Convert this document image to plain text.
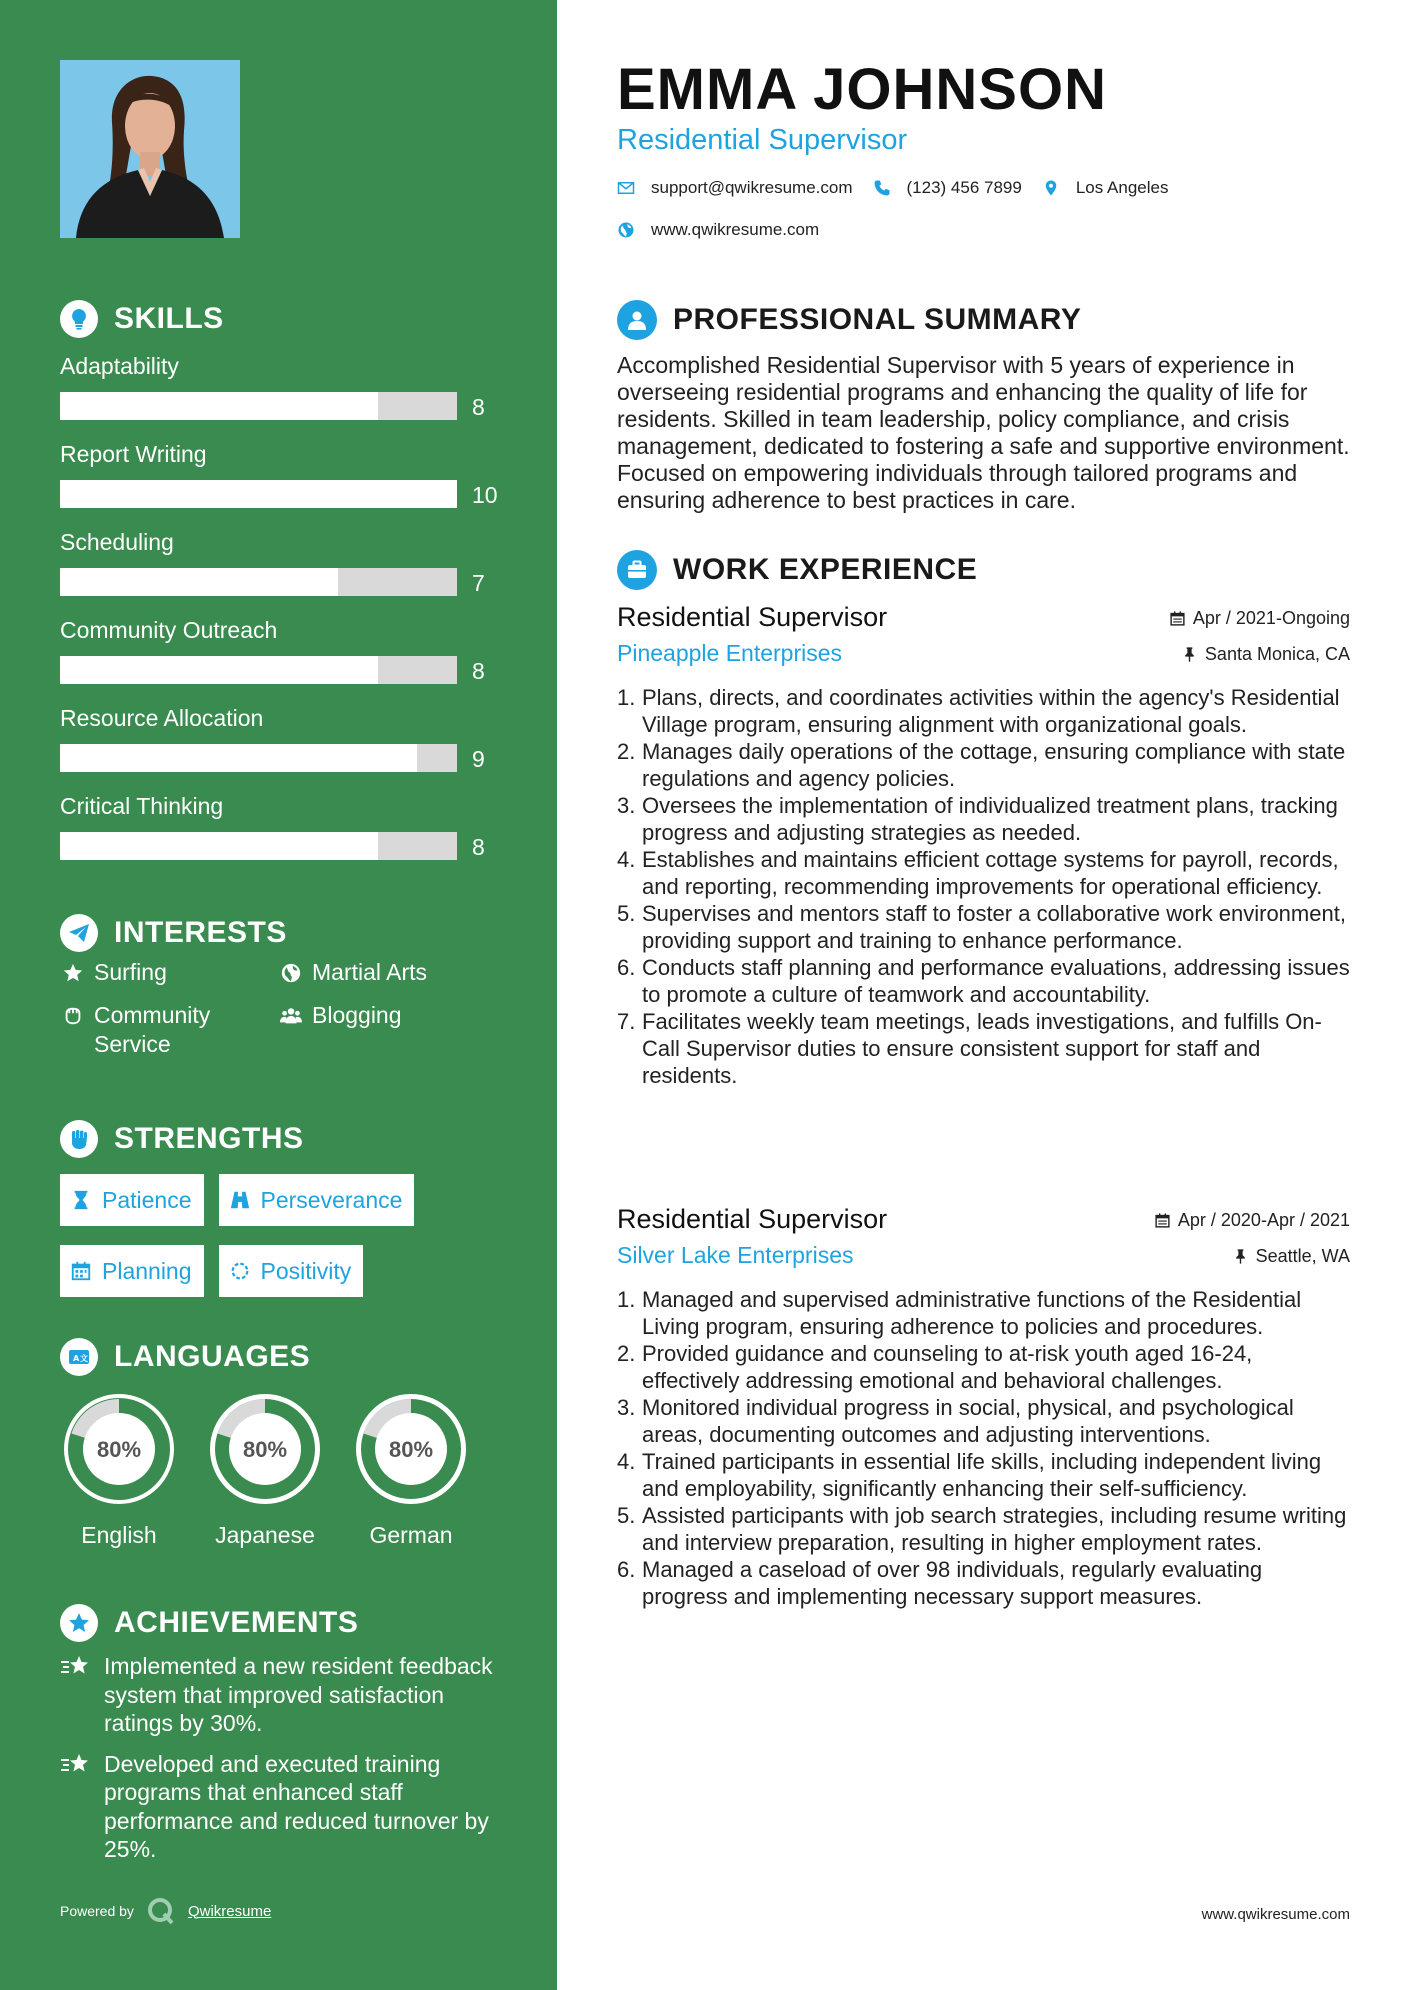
SKILLS
Adaptability
8
Report Writing
10
Scheduling
7
Community Outreach
8
Resource Allocation
9
Critical Thinking
8
INTERESTS
Surfing	Martial Arts
Community Service
Blogging
STRENGTHS
Patience	Perseverance
Planning	Positivity
A 文 LANGUAGES
80%
English
80%
Japanese
80%
German
ACHIEVEMENTS
Implemented a new resident feedback system that improved satisfaction ratings by 30%.
Developed and executed training programs that enhanced staff performance and reduced turnover by 25%.
Powered by	Qwikresume
EMMA JOHNSON
Residential Supervisor
support@qwikresume.com	(123) 456 7899	Los Angeles
www.qwikresume.com
PROFESSIONAL SUMMARY

Accomplished Residential Supervisor with 5 years of experience in overseeing residential programs and enhancing the quality of life for residents. Skilled in team leadership, policy compliance, and crisis management, dedicated to fostering a safe and supportive environment. Focused on empowering individuals through tailored programs and ensuring adherence to best practices in care.

WORK EXPERIENCE
Residential Supervisor	Apr / 2021-Ongoing
Pineapple Enterprises	Santa Monica, CA
1. Plans, directs, and coordinates activities within the agency's Residential Village program, ensuring alignment with organizational goals.
2. Manages daily operations of the cottage, ensuring compliance with state regulations and agency policies.
3. Oversees the implementation of individualized treatment plans, tracking progress and adjusting strategies as needed.
4. Establishes and maintains efficient cottage systems for payroll, records, and reporting, recommending improvements for operational efficiency.
5. Supervises and mentors staff to foster a collaborative work environment, providing support and training to enhance performance.
6. Conducts staff planning and performance evaluations, addressing issues to promote a culture of teamwork and accountability.
7. Facilitates weekly team meetings, leads investigations, and fulfills On-Call Supervisor duties to ensure consistent support for staff and residents.
Residential Supervisor	Apr / 2020-Apr / 2021
Silver Lake Enterprises	Seattle, WA
1. Managed and supervised administrative functions of the Residential Living program, ensuring adherence to policies and procedures.
2. Provided guidance and counseling to at-risk youth aged 16-24, effectively addressing emotional and behavioral challenges.
3. Monitored individual progress in social, physical, and psychological areas, documenting outcomes and adjusting interventions.
4. Trained participants in essential life skills, including independent living and employability, significantly enhancing their self-sufficiency.
5. Assisted participants with job search strategies, including resume writing and interview preparation, resulting in higher employment rates.
6. Managed a caseload of over 98 individuals, regularly evaluating progress and implementing necessary support measures.
www.qwikresume.com
